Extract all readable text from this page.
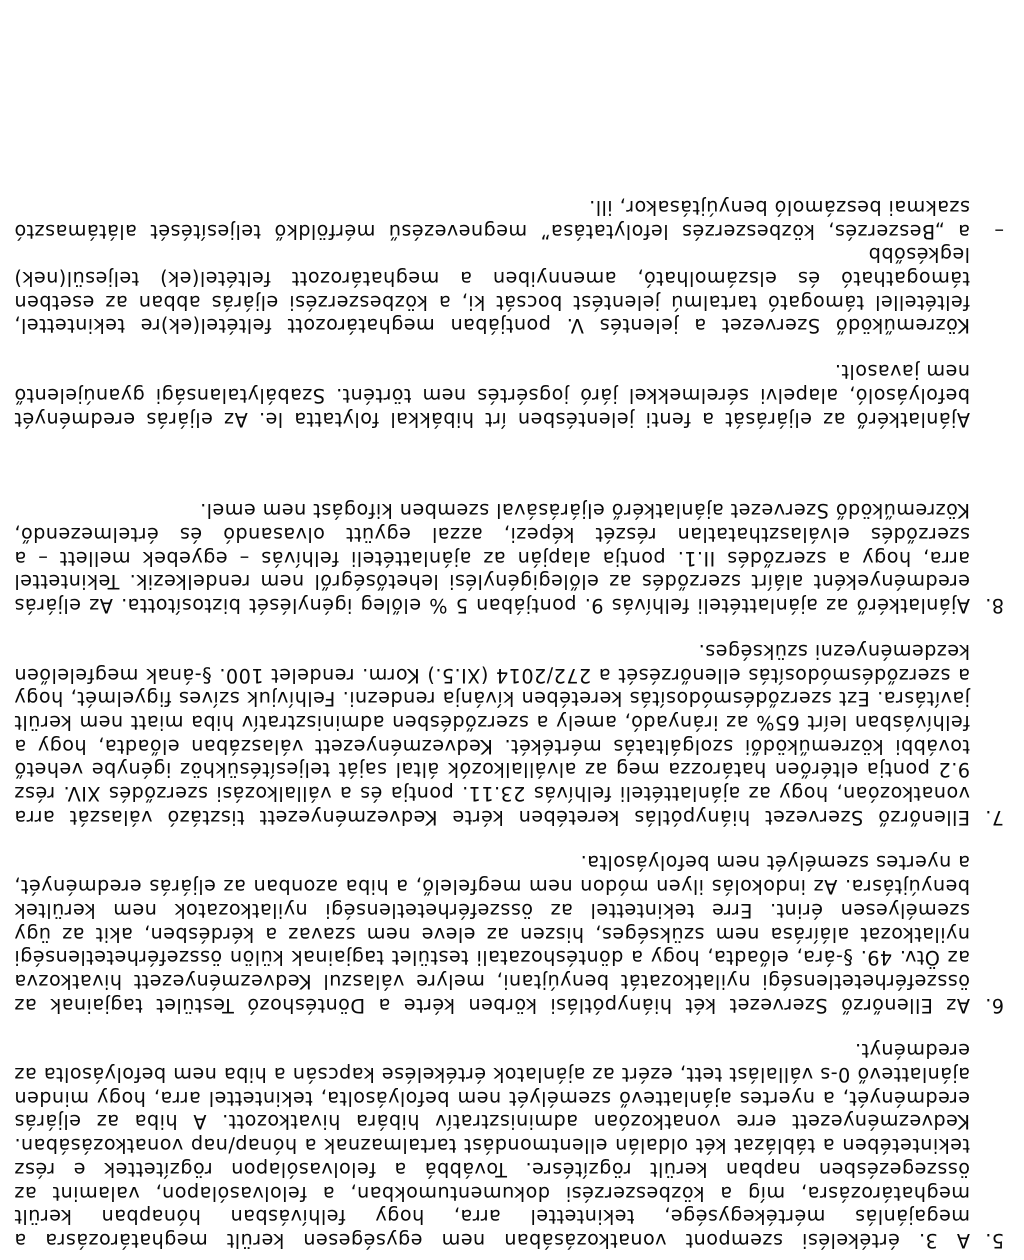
5.
A 3. értékelési szempont vonatkozásában nem egységesen került meghatározásra a megajánlás mértékegysége, tekintettel arra, hogy felhívásban hónapban került meghatározásra, míg a közbeszerzési dokumentumokban, a felolvasólapon, valamint az összegezésben napban került rögzítésre. Továbbá a felolvasólapon rögzítettek e rész tekintetében a táblázat két oldalán ellentmondást tartalmaznak a hónap/nap vonatkozásában. Kedvezményezett erre vonatkozóan adminisztratív hibára hivatkozott. A hiba az eljárás eredményét, a nyertes ajánlattevő személyét nem befolyásolta, tekintettel arra, hogy minden ajánlattevő 0-s vállalást tett, ezért az ajánlatok értékelése kapcsán a hiba nem befolyásolta az eredményt.
6.
Az Ellenőrző Szervezet két hiánypótlási körben kérte a Döntéshozó Testület tagjainak az összeférhetetlenségi nyilatkozatát benyújtani, melyre válaszul Kedvezményezett hivatkozva az Ötv. 49. §-ára, előadta, hogy a döntéshozatali testület tagjainak külön összeférhetetlenségi nyilatkozat aláírása nem szükséges, hiszen az eleve nem szavaz a kérdésben, akit az ügy személyesen érint. Erre tekintettel az összeférhetetlenségi nyilatkozatok nem kerültek benyújtásra. Az indokolás ilyen módon nem megfelelő, a hiba azonban az eljárás eredményét, a nyertes személyét nem befolyásolta.
7.
Ellenőrző Szervezet hiánypótlás keretében kérte Kedvezményezett tisztázó válaszát arra vonatkozóan, hogy az ajánlattételi felhívás 23.11. pontja és a vállalkozási szerződés XIV. rész 9.2 pontja eltérően határozza meg az alvállalkozók által saját teljesítésükhöz igénybe vehető további közreműködői szolgáltatás mértékét. Kedvezményezett válaszában előadta, hogy a felhívásban leírt 65% az irányadó, amely a szerződésben adminisztratív hiba miatt nem került javításra. Ezt szerződésmódosítás keretében kívánja rendezni. Felhívjuk szíves figyelmét, hogy a szerződésmódosítás ellenőrzését a 272/2014 (XI.5.) Korm. rendelet 100. §-ának megfelelően kezdeményezni szükséges.
8.
Ajánlatkérő az ajánlattételi felhívás 9. pontjában 5 % előleg igénylését biztosította. Az eljárás eredményeként aláírt szerződés az előlegigénylési lehetőségről nem rendelkezik. Tekintettel arra, hogy a szerződés II.1. pontja alapján az ajánlattételi felhívás – egyebek mellett – a szerződés elválaszthatatlan részét képezi, azzal együtt olvasandó és értelmezendő, Közreműködő Szervezet ajánlatkérő eljárásával szemben kifogást nem emel.

Ajánlatkérő az eljárását a fenti jelentésben írt hibákkal folytatta le. Az eljárás eredményét befolyásoló, alapelvi sérelmekkel járó jogsértés nem történt. Szabálytalansági gyanújelentő nem javasolt.

Közreműködő Szervezet a jelentés V. pontjában meghatározott feltétel(ek)re tekintettel, feltétellel támogató tartalmú jelentést bocsát ki, a közbeszerzési eljárás abban az esetben támogatható és elszámolható, amennyiben a meghatározott feltétel(ek) teljesül(nek) legkésőbb

–
a „Beszerzés, közbeszerzés lefolytatása” megnevezésű mérföldkő teljesítését alátámasztó szakmai beszámoló benyújtásakor, ill.
